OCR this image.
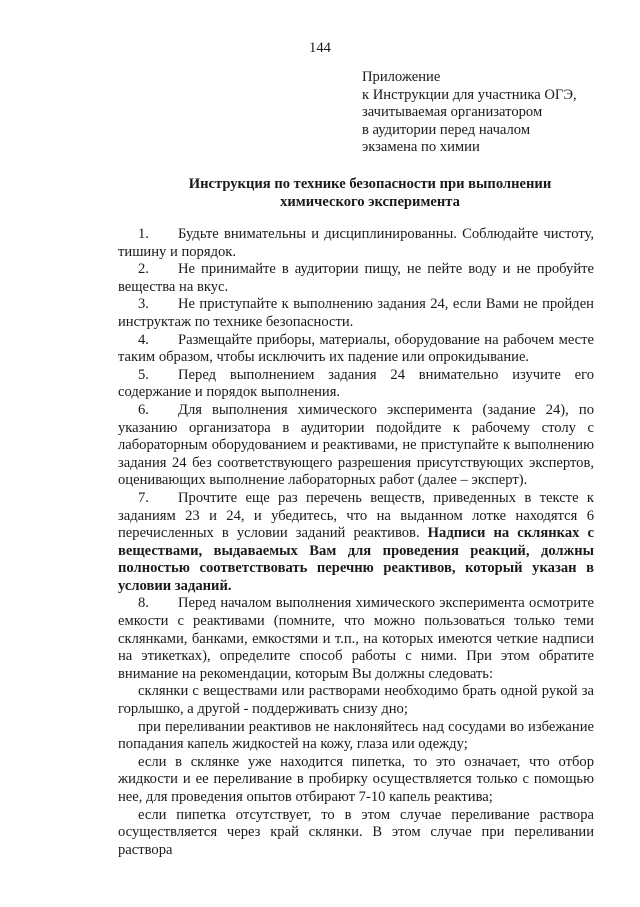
144
Приложение
к Инструкции для участника ОГЭ,
зачитываемая организатором
в аудитории перед началом
экзамена по химии
Инструкция по технике безопасности при выполнении
химического эксперимента

1. Будьте внимательны и дисциплинированны. Соблюдайте чистоту, тишину и порядок.

2. Не принимайте в аудитории пищу, не пейте воду и не пробуйте вещества на вкус.

3. Не приступайте к выполнению задания 24, если Вами не пройден инструктаж по технике безопасности.

4. Размещайте приборы, материалы, оборудование на рабочем месте таким образом, чтобы исключить их падение или опрокидывание.

5. Перед выполнением задания 24 внимательно изучите его содержание и порядок выполнения.

6. Для выполнения химического эксперимента (задание 24), по указанию организатора в аудитории подойдите к рабочему столу с лабораторным оборудованием и реактивами, не приступайте к выполнению задания 24 без соответствующего разрешения присутствующих экспертов, оценивающих выполнение лабораторных работ (далее – эксперт).

7. Прочтите еще раз перечень веществ, приведенных в тексте к заданиям 23 и 24, и убедитесь, что на выданном лотке находятся 6 перечисленных в условии заданий реактивов. Надписи на склянках с веществами, выдаваемых Вам для проведения реакций, должны полностью соответствовать перечню реактивов, который указан в условии заданий.

8. Перед началом выполнения химического эксперимента осмотрите емкости с реактивами (помните, что можно пользоваться только теми склянками, банками, емкостями и т.п., на которых имеются четкие надписи на этикетках), определите способ работы с ними. При этом обратите внимание на рекомендации, которым Вы должны следовать:

склянки с веществами или растворами необходимо брать одной рукой за горлышко, а другой - поддерживать снизу дно;

при переливании реактивов не наклоняйтесь над сосудами во избежание попадания капель жидкостей на кожу, глаза или одежду;

если в склянке уже находится пипетка, то это означает, что отбор жидкости и ее переливание в пробирку осуществляется только с помощью нее, для проведения опытов отбирают 7-10 капель реактива;

если пипетка отсутствует, то в этом случае переливание раствора осуществляется через край склянки. В этом случае при переливании раствора
